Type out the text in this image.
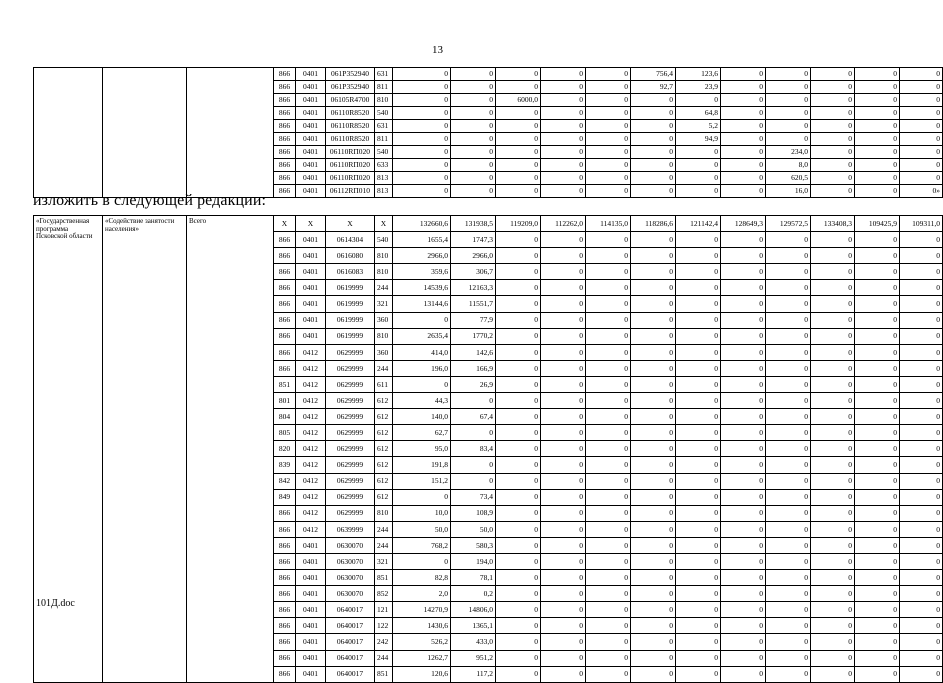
13
			866	0401	061P352940	631	0	0	0	0	0	756,4	123,6	0	0	0	0	0
			866	0401	061P352940	811	0	0	0	0	0	92,7	23,9	0	0	0	0	0
			866	0401	06105R4700	810	0	0	6000,0	0	0	0	0	0	0	0	0	0
			866	0401	06110R8520	540	0	0	0	0	0	0	64,8	0	0	0	0	0
			866	0401	06110R8520	631	0	0	0	0	0	0	5,2	0	0	0	0	0
			866	0401	06110R8520	811	0	0	0	0	0	0	94,9	0	0	0	0	0
			866	0401	06110RП020	540	0	0	0	0	0	0	0	0	234,0	0	0	0
			866	0401	06110RП020	633	0	0	0	0	0	0	0	0	8,0	0	0	0
			866	0401	06110RП020	813	0	0	0	0	0	0	0	0	620,5	0	0	0
			866	0401	06112RП010	813	0	0	0	0	0	0	0	0	16,0	0	0	0»
изложить в следующей редакции:
«Государственная программа Псковской области	«Содействие занятости населения»	Всего	Х	Х	Х	Х	132660,6	131938,5	119209,0	112262,0	114135,0	118286,6	121142,4	128649,3	129572,5	133408,3	109425,9	109311,0
			866	0401	0614304	540	1655,4	1747,3	0	0	0	0	0	0	0	0	0	0
			866	0401	0616080	810	2966,0	2966,0	0	0	0	0	0	0	0	0	0	0
			866	0401	0616083	810	359,6	306,7	0	0	0	0	0	0	0	0	0	0
			866	0401	0619999	244	14539,6	12163,3	0	0	0	0	0	0	0	0	0	0
			866	0401	0619999	321	13144,6	11551,7	0	0	0	0	0	0	0	0	0	0
			866	0401	0619999	360	0	77,9	0	0	0	0	0	0	0	0	0	0
			866	0401	0619999	810	2635,4	1770,2	0	0	0	0	0	0	0	0	0	0
			866	0412	0629999	360	414,0	142,6	0	0	0	0	0	0	0	0	0	0
			866	0412	0629999	244	196,0	166,9	0	0	0	0	0	0	0	0	0	0
			851	0412	0629999	611	0	26,9	0	0	0	0	0	0	0	0	0	0
			801	0412	0629999	612	44,3	0	0	0	0	0	0	0	0	0	0	0
			804	0412	0629999	612	140,0	67,4	0	0	0	0	0	0	0	0	0	0
			805	0412	0629999	612	62,7	0	0	0	0	0	0	0	0	0	0	0
			820	0412	0629999	612	95,0	83,4	0	0	0	0	0	0	0	0	0	0
			839	0412	0629999	612	191,8	0	0	0	0	0	0	0	0	0	0	0
			842	0412	0629999	612	151,2	0	0	0	0	0	0	0	0	0	0	0
			849	0412	0629999	612	0	73,4	0	0	0	0	0	0	0	0	0	0
			866	0412	0629999	810	10,0	108,9	0	0	0	0	0	0	0	0	0	0
			866	0412	0639999	244	50,0	50,0	0	0	0	0	0	0	0	0	0	0
			866	0401	0630070	244	768,2	580,3	0	0	0	0	0	0	0	0	0	0
			866	0401	0630070	321	0	194,0	0	0	0	0	0	0	0	0	0	0
			866	0401	0630070	851	82,8	78,1	0	0	0	0	0	0	0	0	0	0
			866	0401	0630070	852	2,0	0,2	0	0	0	0	0	0	0	0	0	0
			866	0401	0640017	121	14270,9	14806,0	0	0	0	0	0	0	0	0	0	0
			866	0401	0640017	122	1430,6	1365,1	0	0	0	0	0	0	0	0	0	0
			866	0401	0640017	242	526,2	433,0	0	0	0	0	0	0	0	0	0	0
			866	0401	0640017	244	1262,7	951,2	0	0	0	0	0	0	0	0	0	0
			866	0401	0640017	851	120,6	117,2	0	0	0	0	0	0	0	0	0	0
101Д.doc
